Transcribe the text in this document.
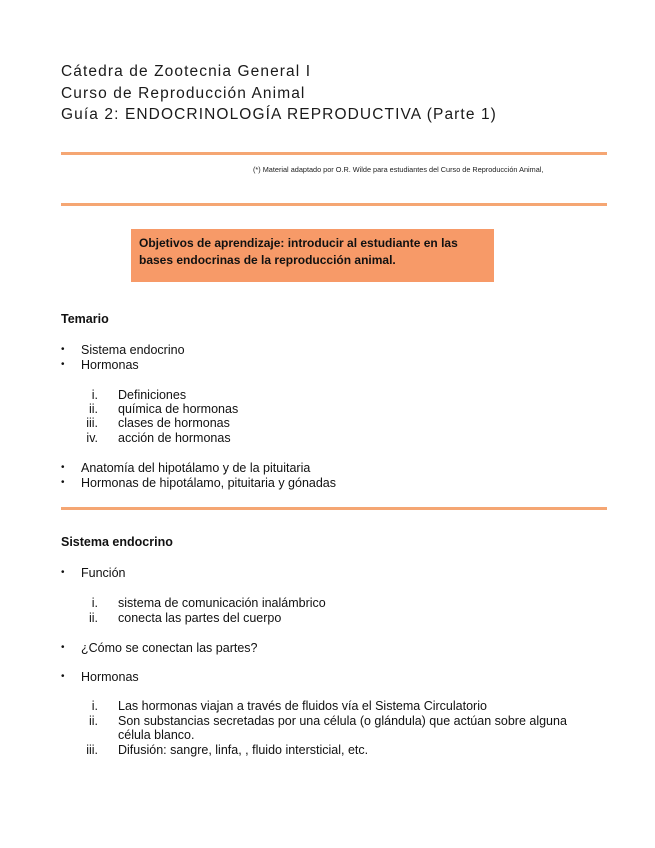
Cátedra de Zootecnia General I
Curso de Reproducción Animal
Guía 2: ENDOCRINOLOGÍA REPRODUCTIVA (Parte 1)
(*) Material adaptado por O.R. Wilde para estudiantes del Curso de Reproducción Animal,
Objetivos de aprendizaje: introducir al estudiante en las bases endocrinas de la reproducción animal.
Temario
• Sistema endocrino
• Hormonas
i. Definiciones
ii. química de hormonas
iii. clases de hormonas
iv. acción de hormonas
• Anatomía del hipotálamo y de la pituitaria
• Hormonas de hipotálamo, pituitaria y gónadas
Sistema endocrino
• Función
i. sistema de comunicación inalámbrico
ii. conecta las partes del cuerpo
• ¿Cómo se conectan las partes?
• Hormonas
i. Las hormonas viajan a través de fluidos vía el Sistema Circulatorio
ii. Son substancias secretadas por una célula (o glándula) que actúan sobre alguna
célula blanco.
iii. Difusión: sangre, linfa, , fluido intersticial, etc.
